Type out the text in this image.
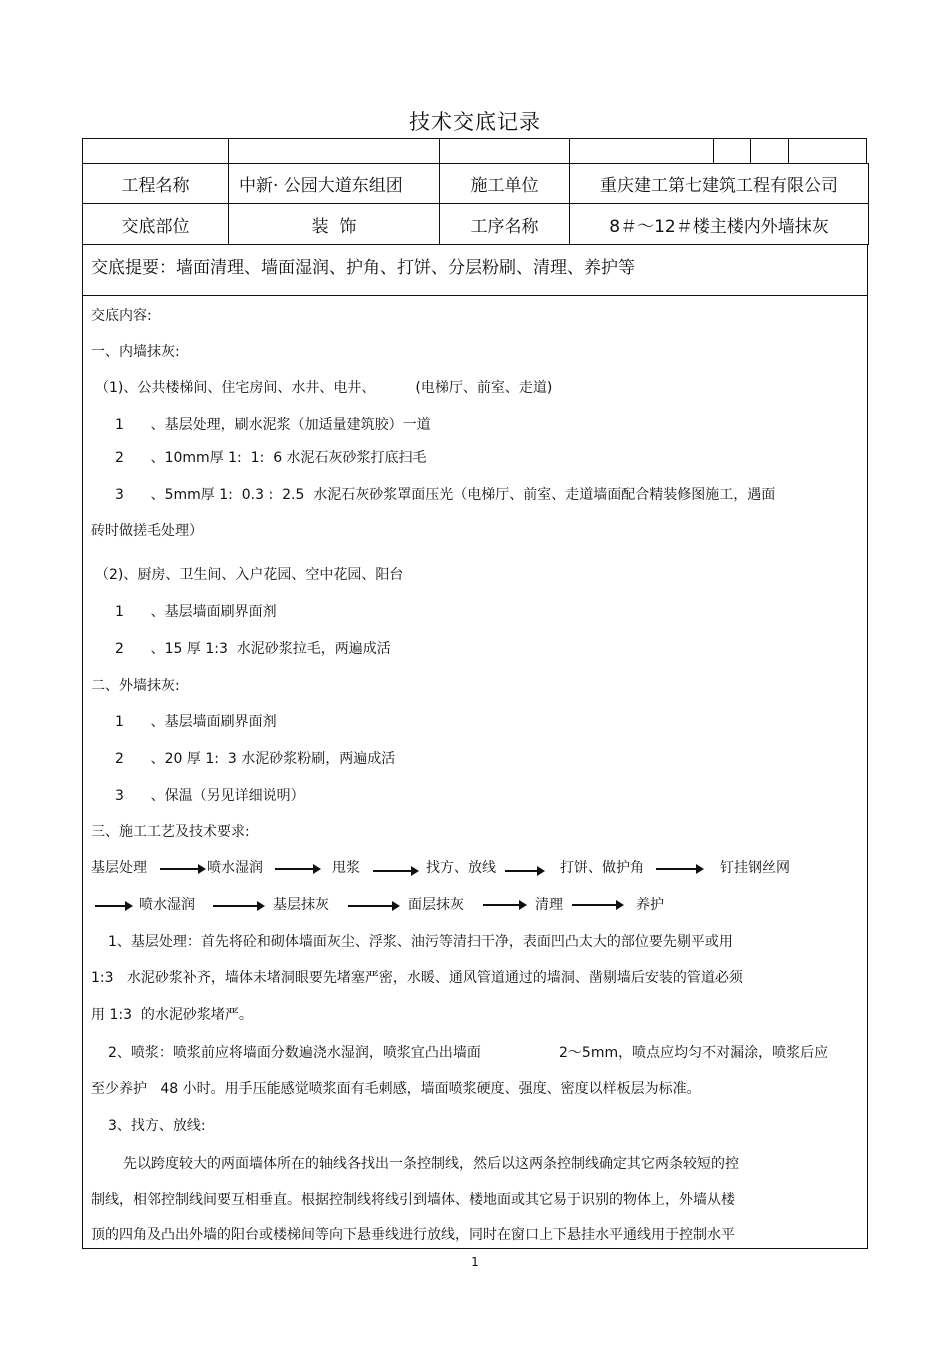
技术交底记录
工程名称	中新· 公园大道东组团	施工单位	重庆建工第七建筑工程有限公司
交底部位	装  饰	工序名称	8＃～12＃楼主楼内外墙抹灰
交底提要：墙面清理、墙面湿润、护角、打饼、分层粉刷、清理、养护等
交底内容:
一、内墙抹灰:
（1)、公共楼梯间、住宅房间、水井、电井、         (电梯厅、前室、走道)
1      、基层处理，刷水泥浆（加适量建筑胶）一道
2      、10mm厚 1:  1:  6 水泥石灰砂浆打底扫毛
3      、5mm厚 1:  0.3 :  2.5  水泥石灰砂浆罩面压光（电梯厅、前室、走道墙面配合精装修图施工，遇面
砖时做搓毛处理）
（2)、厨房、卫生间、入户花园、空中花园、阳台
1      、基层墙面刷界面剂
2      、15 厚 1:3  水泥砂浆拉毛，两遍成活
二、外墙抹灰:
1      、基层墙面刷界面剂
2      、20 厚 1:  3 水泥砂浆粉刷，两遍成活
3      、保温（另见详细说明）
三、施工工艺及技术要求:
基层处理	喷水湿润	甩浆	找方、放线	打饼、做护角	钉挂钢丝网
喷水湿润	基层抹灰	面层抹灰	清理	养护
1、基层处理：首先将砼和砌体墙面灰尘、浮浆、油污等清扫干净，表面凹凸太大的部位要先剔平或用
1:3   水泥砂浆补齐，墙体未堵洞眼要先堵塞严密，水暖、通风管道通过的墙洞、凿剔墙后安装的管道必须
用 1:3  的水泥砂浆堵严。
2、喷浆：喷浆前应将墙面分数遍浇水湿润，喷浆宜凸出墙面	2～5mm，喷点应均匀不对漏涂，喷浆后应
至少养护   48 小时。用手压能感觉喷浆面有毛刺感，墙面喷浆硬度、强度、密度以样板层为标准。
3、找方、放线:
先以跨度较大的两面墙体所在的轴线各找出一条控制线，然后以这两条控制线确定其它两条较短的控
制线，相邻控制线间要互相垂直。根据控制线将线引到墙体、楼地面或其它易于识别的物体上，外墙从楼
顶的四角及凸出外墙的阳台或楼梯间等向下悬垂线进行放线，同时在窗口上下悬挂水平通线用于控制水平
1
